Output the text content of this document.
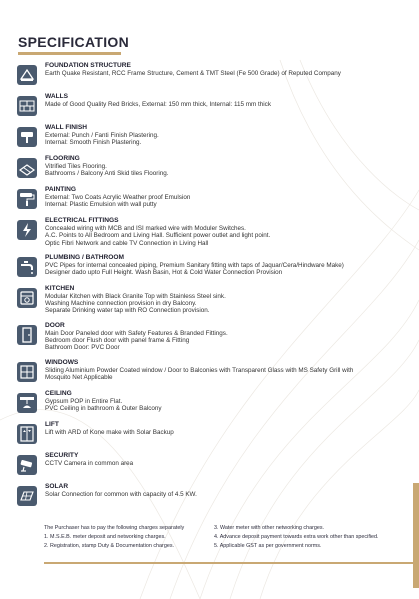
SPECIFICATION

FOUNDATION STRUCTURE

Earth Quake Resistant, RCC Frame Structure, Cement & TMT Steel (Fe 500 Grade) of Reputed Company

WALLS

Made of Good Quality Red Bricks, External: 150 mm thick, Internal: 115 mm thick

WALL FINISH

External: Punch / Fanti Finish Plastering.

Internal: Smooth Finish Plastering.

FLOORING

Vitrified Tiles Flooring.

Bathrooms / Balcony Anti Skid tiles Flooring.

PAINTING

External: Two Coats Acrylic Weather proof Emulsion

Internal: Plastic Emulsion with wall putty

ELECTRICAL FITTINGS

Concealed wiring with MCB and ISI marked wire with Moduler Switches.

A.C. Points to All Bedroom and Living Hall. Sufficient power outlet and light point.

Optic Fibri Network and cable TV Connection in Living Hall

PLUMBING / BATHROOM

PVC Pipes for internal concealed piping, Premium Sanitary fitting with taps of Jaquar/Cera/Hindware Make)

Designer dado upto Full Height. Wash Basin, Hot & Cold Water Connection Provision

KITCHEN

Modular Kitchen with Black Granite Top with Stainless Steel sink.

Washing Machine connection provision in dry Balcony.

Separate Drinking water tap with RO Connection provision.

DOOR

Main Door Paneled door with Safety Features & Branded Fittings.

Bedroom door Flush door with panel frame & Fitting

Bathroom Door: PVC Door

WINDOWS

Sliding Aluminium Powder Coated window / Door to Balconies with Transparent Glass with MS Safety Grill with

Mosquito Net Applicable

CEILING

Gypsum POP in Entire Flat.

PVC Ceiling in bathroom & Outer Balcony

LIFT

Lift with ARD of Kone make with Solar Backup

SECURITY

CCTV Camera in common area

SOLAR

Solar Connection for common with capacity of 4.5 KW.

The Purchaser has to pay the following charges separately
1. M.S.E.B. meter deposit and networking charges.
2. Registration, stamp Duty & Documentation charges.
3. Water meter with other networking charges.
4. Advance deposit payment towards extra work other than specified.
5. Applicable GST as per government norms.
